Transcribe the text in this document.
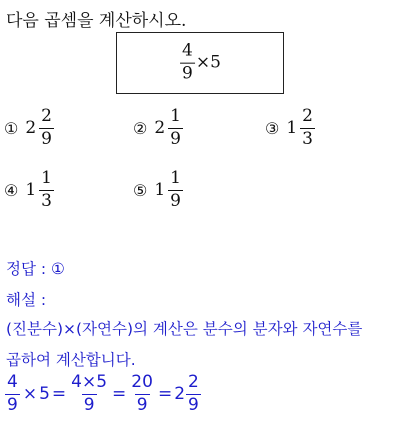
다음 곱셈을 계산하시오.
$\frac{4}{9} \times 5$
① $2 \frac{2}{9}$	② $2 \frac{1}{9}$	③ $1 \frac{2}{3}$
④ $1 \frac{1}{3}$	⑤ $1 \frac{1}{9}$
정답 : ①
해설 :
(진분수)×(자연수)의 계산은 분수의 분자와 자연수를
곱하여 계산합니다.
$\frac{4}{9} \times 5 = \frac{4\times 5}{9} = \frac{20}{9} = 2 \frac{2}{9}$
